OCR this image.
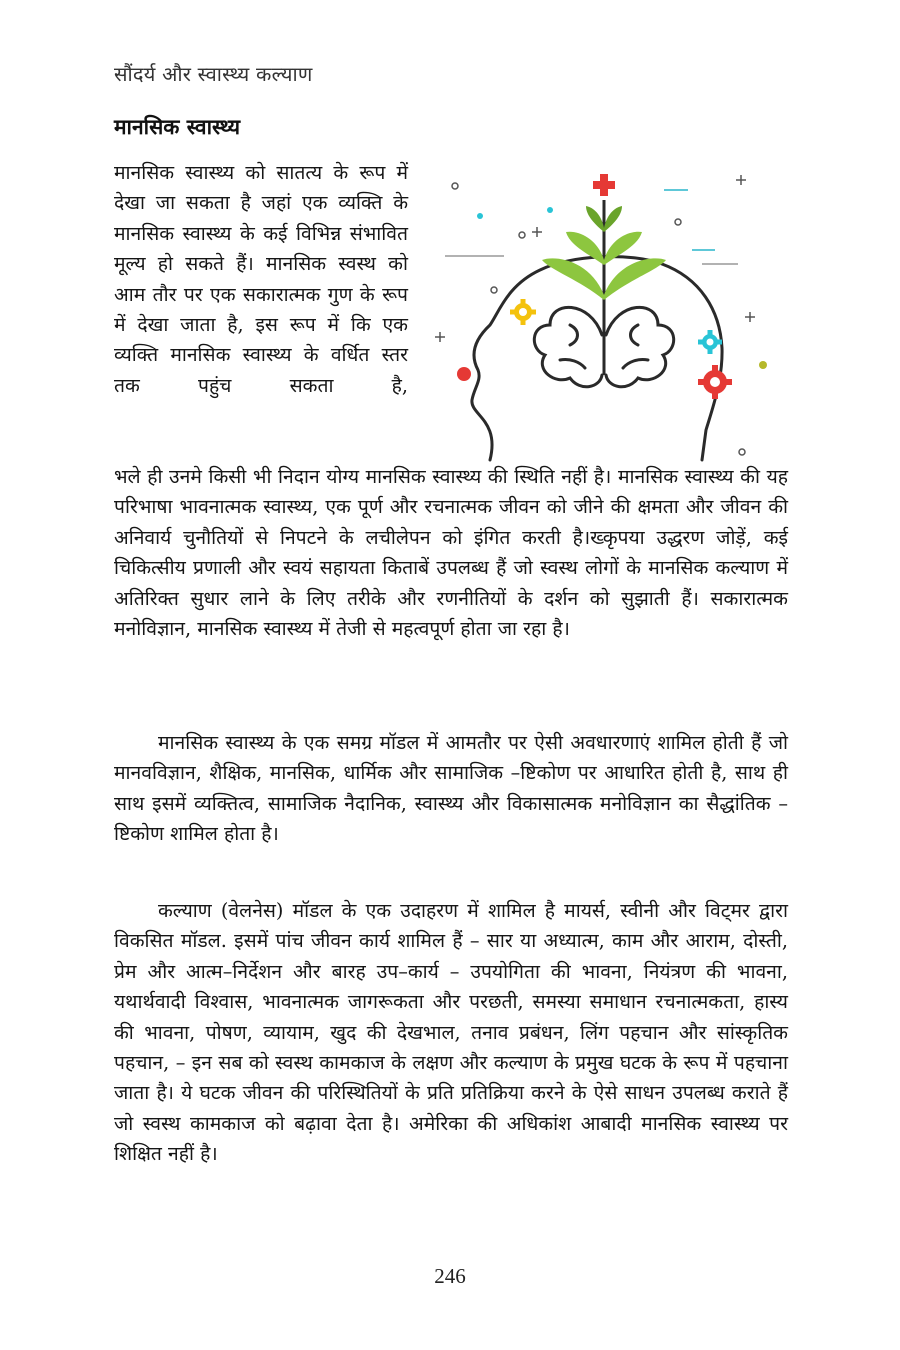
सौंदर्य और स्वास्थ्य कल्याण
मानसिक स्वास्थ्य
मानसिक स्वास्थ्य को सातत्य के रूप में देखा जा सकता है जहां एक व्यक्ति के मानसिक स्वास्थ्य के कई विभिन्न संभावित मूल्य हो सकते हैं। मानसिक स्वस्थ को आम तौर पर एक सकारात्मक गुण के रूप में देखा जाता है, इस रूप में कि एक व्यक्ति मानसिक स्वास्थ्य के वर्धित स्तर तक पहुंच सकता है,
भले ही उनमे किसी भी निदान योग्य मानसिक स्वास्थ्य की स्थिति नहीं है। मानसिक स्वास्थ्य की यह परिभाषा भावनात्मक स्वास्थ्य, एक पूर्ण और रचनात्मक जीवन को जीने की क्षमता और जीवन की अनिवार्य चुनौतियों से निपटने के लचीलेपन को इंगित करती है।ख्कृपया उद्धरण जोड़ें, कई चिकित्सीय प्रणाली और स्वयं सहायता किताबें उपलब्ध हैं जो स्वस्थ लोगों के मानसिक कल्याण में अतिरिक्त सुधार लाने के लिए तरीके और रणनीतियों के दर्शन को सुझाती हैं। सकारात्मक मनोविज्ञान, मानसिक स्वास्थ्य में तेजी से महत्वपूर्ण होता जा रहा है।
मानसिक स्वास्थ्य के एक समग्र मॉडल में आमतौर पर ऐसी अवधारणाएं शामिल होती हैं जो मानवविज्ञान, शैक्षिक, मानसिक, धार्मिक और सामाजिक –ष्टिकोण पर आधारित होती है, साथ ही साथ इसमें व्यक्तित्व, सामाजिक नैदानिक, स्वास्थ्य और विकासात्मक मनोविज्ञान का सैद्धांतिक –ष्टिकोण शामिल होता है।
कल्याण (वेलनेस) मॉडल के एक उदाहरण में शामिल है मायर्स, स्वीनी और विट्मर द्वारा विकसित मॉडल. इसमें पांच जीवन कार्य शामिल हैं – सार या अध्यात्म, काम और आराम, दोस्ती, प्रेम और आत्म–निर्देशन और बारह उप–कार्य – उपयोगिता की भावना, नियंत्रण की भावना, यथार्थवादी विश्वास, भावनात्मक जागरूकता और परछती, समस्या समाधान रचनात्मकता, हास्य की भावना, पोषण, व्यायाम, खुद की देखभाल, तनाव प्रबंधन, लिंग पहचान और सांस्कृतिक पहचान, – इन सब को स्वस्थ कामकाज के लक्षण और कल्याण के प्रमुख घटक के रूप में पहचाना जाता है। ये घटक जीवन की परिस्थितियों के प्रति प्रतिक्रिया करने के ऐसे साधन उपलब्ध कराते हैं जो स्वस्थ कामकाज को बढ़ावा देता है। अमेरिका की अधिकांश आबादी मानसिक स्वास्थ्य पर शिक्षित नहीं है।
246
